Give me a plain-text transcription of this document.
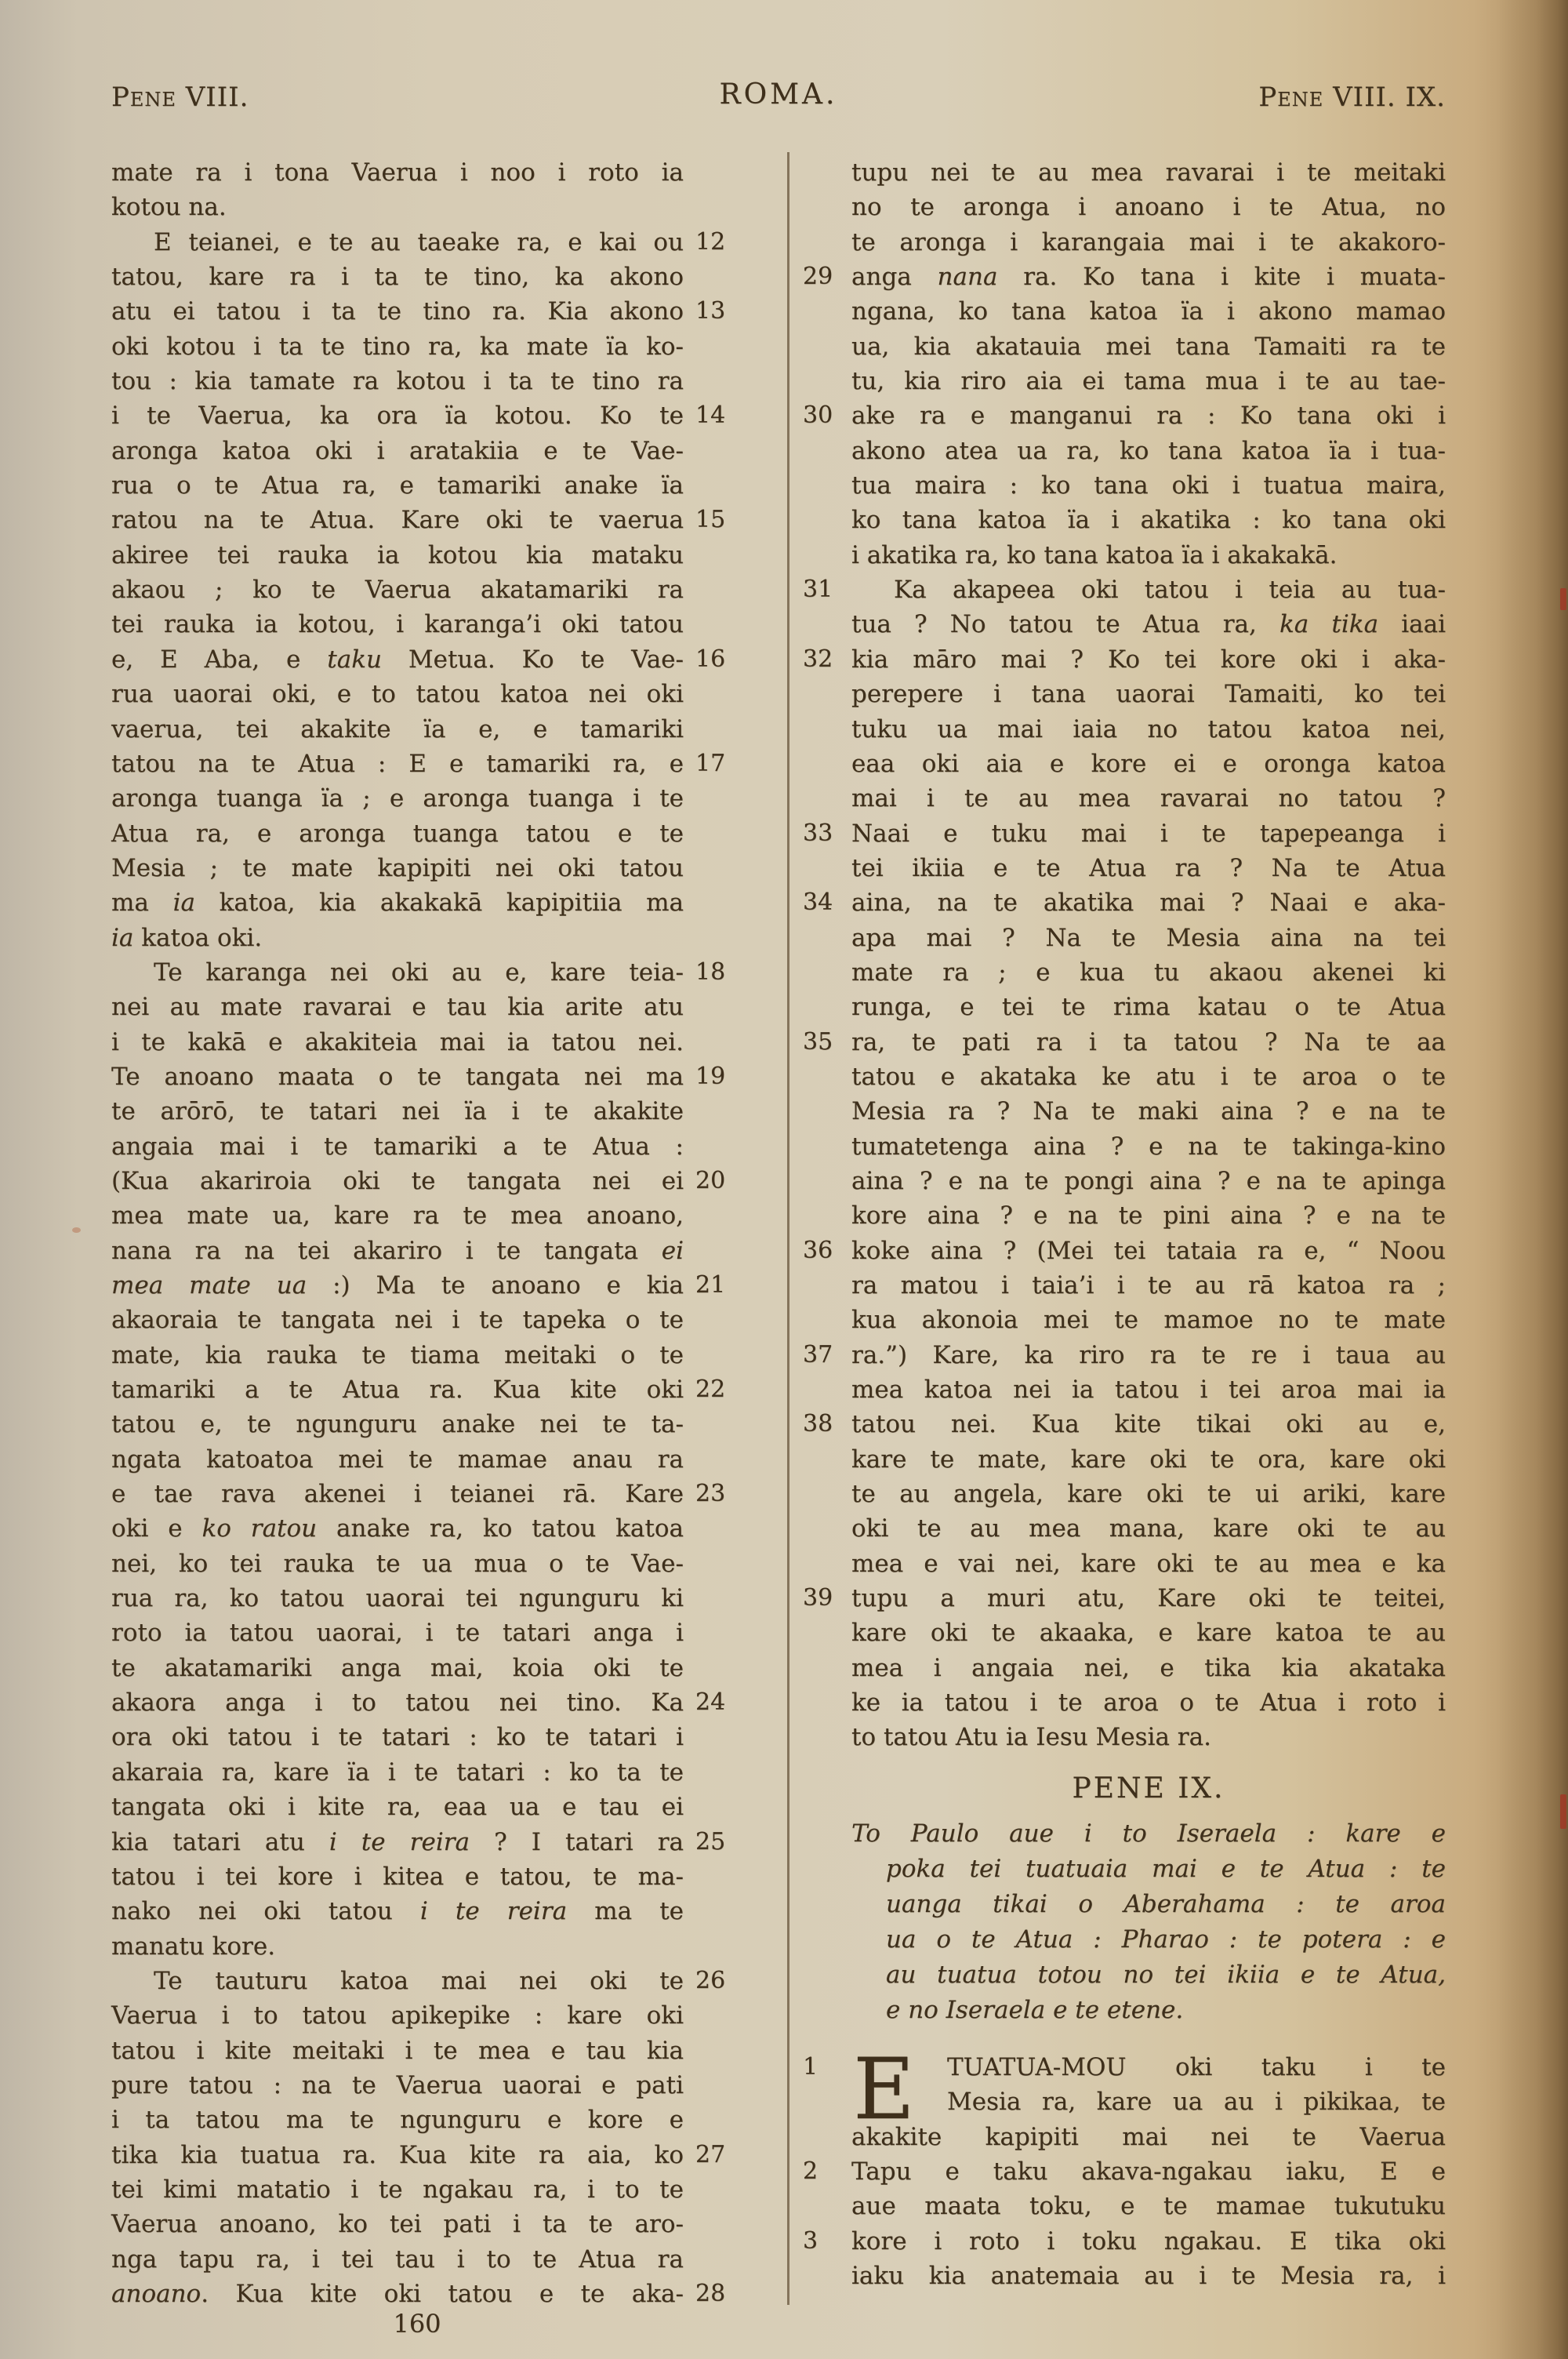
Pene VIII.	ROMA.	Pene VIII. IX.
mate ra i tona Vaerua i noo i roto ia
kotou na.
12
E teianei, e te au taeake ra, e kai ou
tatou, kare ra i ta te tino, ka akono
13
atu ei tatou i ta te tino ra. Kia akono
oki kotou i ta te tino ra, ka mate ïa ko-
tou : kia tamate ra kotou i ta te tino ra
14
i te Vaerua, ka ora ïa kotou. Ko te
aronga katoa oki i aratakiia e te Vae-
rua o te Atua ra, e tamariki anake ïa
15
ratou na te Atua. Kare oki te vaerua
akiree tei rauka ia kotou kia mataku
akaou ; ko te Vaerua akatamariki ra
tei rauka ia kotou, i karanga’i oki tatou
16
e, E Aba, e taku Metua. Ko te Vae-
rua uaorai oki, e to tatou katoa nei oki
vaerua, tei akakite ïa e, e tamariki
17
tatou na te Atua : E e tamariki ra, e
aronga tuanga ïa ; e aronga tuanga i te
Atua ra, e aronga tuanga tatou e te
Mesia ; te mate kapipiti nei oki tatou
ma ia katoa, kia akakakā kapipitiia ma
ia katoa oki.
18
Te karanga nei oki au e, kare teia-
nei au mate ravarai e tau kia arite atu
i te kakā e akakiteia mai ia tatou nei.
19
Te anoano maata o te tangata nei ma
te arōrō, te tatari nei ïa i te akakite
angaia mai i te tamariki a te Atua :
20
(Kua akariroia oki te tangata nei ei
mea mate ua, kare ra te mea anoano,
nana ra na tei akariro i te tangata ei
21
mea mate ua :) Ma te anoano e kia
akaoraia te tangata nei i te tapeka o te
mate, kia rauka te tiama meitaki o te
22
tamariki a te Atua ra. Kua kite oki
tatou e, te ngunguru anake nei te ta-
ngata katoatoa mei te mamae anau ra
23
e tae rava akenei i teianei rā. Kare
oki e ko ratou anake ra, ko tatou katoa
nei, ko tei rauka te ua mua o te Vae-
rua ra, ko tatou uaorai tei ngunguru ki
roto ia tatou uaorai, i te tatari anga i
te akatamariki anga mai, koia oki te
24
akaora anga i to tatou nei tino. Ka
ora oki tatou i te tatari : ko te tatari i
akaraia ra, kare ïa i te tatari : ko ta te
tangata oki i kite ra, eaa ua e tau ei
25
kia tatari atu i te reira ? I tatari ra
tatou i tei kore i kitea e tatou, te ma-
nako nei oki tatou i te reira ma te
manatu kore.
26
Te tauturu katoa mai nei oki te
Vaerua i to tatou apikepike : kare oki
tatou i kite meitaki i te mea e tau kia
pure tatou : na te Vaerua uaorai e pati
i ta tatou ma te ngunguru e kore e
27
tika kia tuatua ra. Kua kite ra aia, ko
tei kimi matatio i te ngakau ra, i to te
Vaerua anoano, ko tei pati i ta te aro-
nga tapu ra, i tei tau i to te Atua ra
28
anoano. Kua kite oki tatou e te aka-
tupu nei te au mea ravarai i te meitaki
no te aronga i anoano i te Atua, no
te aronga i karangaia mai i te akakoro-
29 anga nana ra. Ko tana i kite i muata-
ngana, ko tana katoa ïa i akono mamao
ua, kia akatauia mei tana Tamaiti ra te
tu, kia riro aia ei tama mua i te au tae-
30 ake ra e manganui ra : Ko tana oki i
akono atea ua ra, ko tana katoa ïa i tua-
tua maira : ko tana oki i tuatua maira,
ko tana katoa ïa i akatika : ko tana oki
i akatika ra, ko tana katoa ïa i akakakā.
31	Ka akapeea oki tatou i teia au tua-
tua ? No tatou te Atua ra, ka tika iaai
32 kia māro mai ? Ko tei kore oki i aka-
perepere i tana uaorai Tamaiti, ko tei
tuku ua mai iaia no tatou katoa nei,
eaa oki aia e kore ei e oronga katoa
mai i te au mea ravarai no tatou ?
33 Naai e tuku mai i te tapepeanga i
tei ikiia e te Atua ra ? Na te Atua
34 aina, na te akatika mai ? Naai e aka-
apa mai ? Na te Mesia aina na tei
mate ra ; e kua tu akaou akenei ki
runga, e tei te rima katau o te Atua
35 ra, te pati ra i ta tatou ? Na te aa
tatou e akataka ke atu i te aroa o te
Mesia ra ? Na te maki aina ? e na te
tumatetenga aina ? e na te takinga-kino
aina ? e na te pongi aina ? e na te apinga
kore aina ? e na te pini aina ? e na te
36 koke aina ? (Mei tei tataia ra e, “ Noou
ra matou i taia’i i te au rā katoa ra ;
kua akonoia mei te mamoe no te mate
37 ra.”) Kare, ka riro ra te re i taua au
mea katoa nei ia tatou i tei aroa mai ia
38 tatou nei. Kua kite tikai oki au e,
kare te mate, kare oki te ora, kare oki
te au angela, kare oki te ui ariki, kare
oki te au mea mana, kare oki te au
mea e vai nei, kare oki te au mea e ka
39 tupu a muri atu, Kare oki te teitei,
kare oki te akaaka, e kare katoa te au
mea i angaia nei, e tika kia akataka
ke ia tatou i te aroa o te Atua i roto i
to tatou Atu ia Iesu Mesia ra.
PENE IX.
To Paulo aue i to Iseraela : kare e
poka tei tuatuaia mai e te Atua : te
uanga tikai o Aberahama : te aroa
ua o te Atua : Pharao : te potera : e
au tuatua totou no tei ikiia e te Atua,
e no Iseraela e te etene.
1 E TUATUA-MOU oki taku i te
Mesia ra, kare ua au i pikikaa, te
akakite kapipiti mai nei te Vaerua
2	Tapu e taku akava-ngakau iaku, E e
aue maata toku, e te mamae tukutuku
3	kore i roto i toku ngakau. E tika oki
iaku kia anatemaia au i te Mesia ra, i
160
